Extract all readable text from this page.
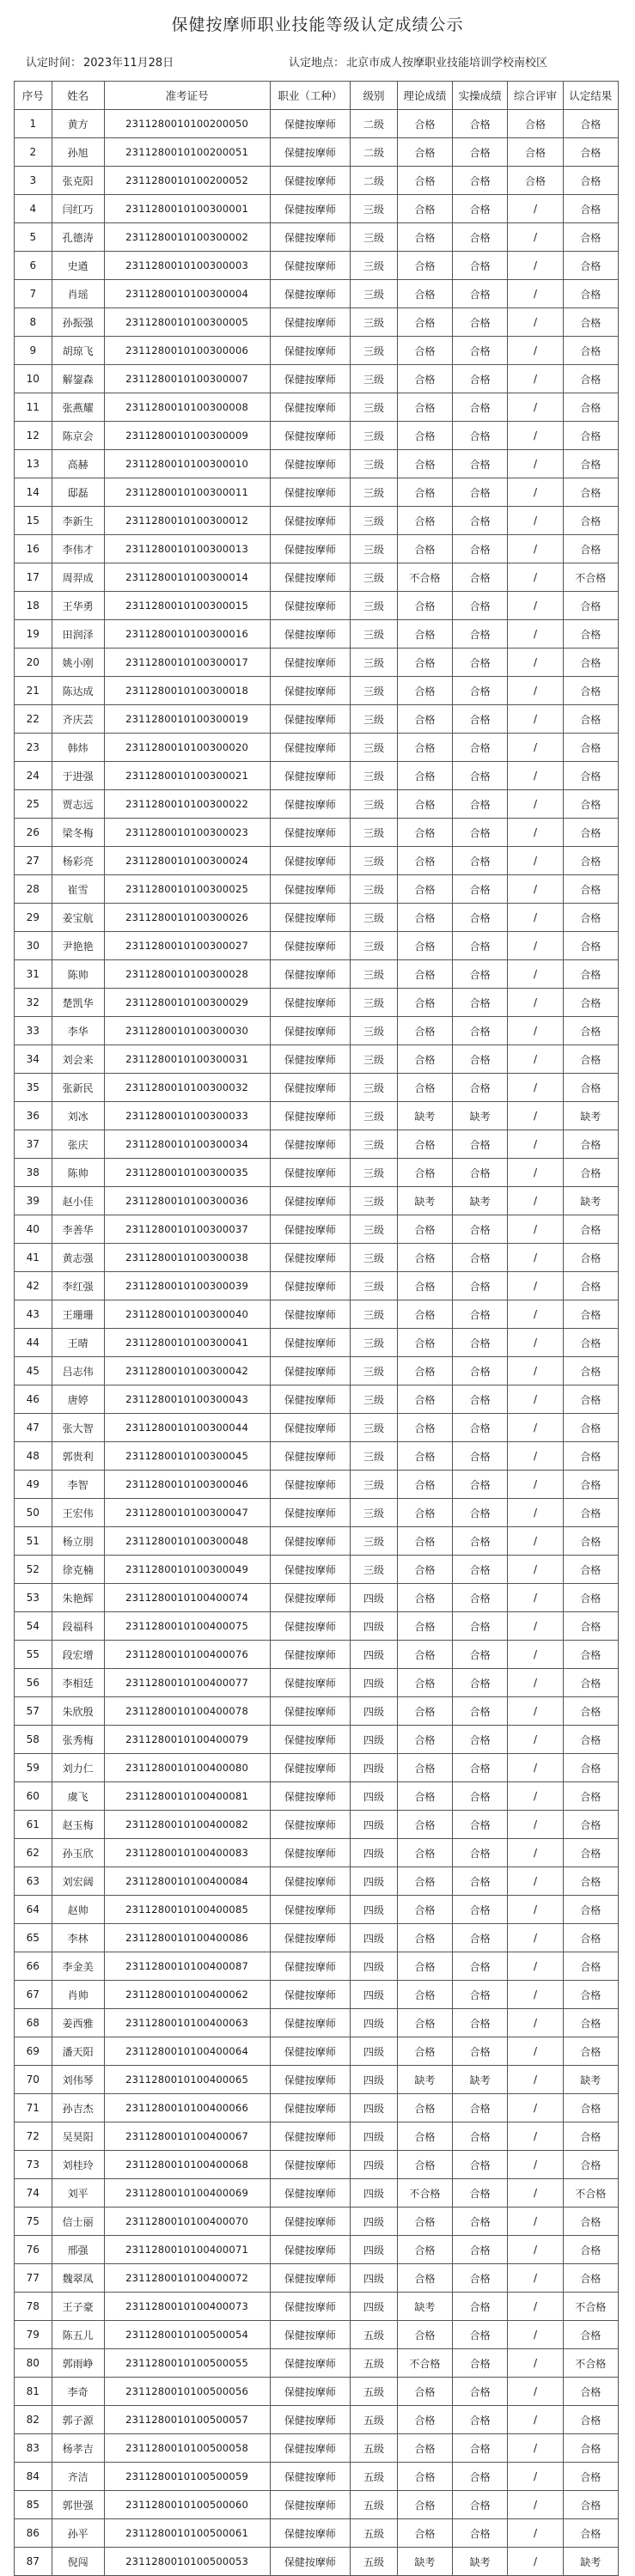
保健按摩师职业技能等级认定成绩公示
认定时间： 2023年11月28日	认定地点： 北京市成人按摩职业技能培训学校南校区
序号	姓名	准考证号	职业（工种）	级别	理论成绩	实操成绩	综合评审	认定结果
1	黄方	2311280010100200050	保健按摩师	二级	合格	合格	合格	合格
2	孙旭	2311280010100200051	保健按摩师	二级	合格	合格	合格	合格
3	张克阳	2311280010100200052	保健按摩师	二级	合格	合格	合格	合格
4	闫红巧	2311280010100300001	保健按摩师	三级	合格	合格	/	合格
5	孔德涛	2311280010100300002	保健按摩师	三级	合格	合格	/	合格
6	史遒	2311280010100300003	保健按摩师	三级	合格	合格	/	合格
7	肖瑶	2311280010100300004	保健按摩师	三级	合格	合格	/	合格
8	孙振强	2311280010100300005	保健按摩师	三级	合格	合格	/	合格
9	胡琼飞	2311280010100300006	保健按摩师	三级	合格	合格	/	合格
10	解鋆森	2311280010100300007	保健按摩师	三级	合格	合格	/	合格
11	张燕耀	2311280010100300008	保健按摩师	三级	合格	合格	/	合格
12	陈京会	2311280010100300009	保健按摩师	三级	合格	合格	/	合格
13	高赫	2311280010100300010	保健按摩师	三级	合格	合格	/	合格
14	邸磊	2311280010100300011	保健按摩师	三级	合格	合格	/	合格
15	李新生	2311280010100300012	保健按摩师	三级	合格	合格	/	合格
16	李伟才	2311280010100300013	保健按摩师	三级	合格	合格	/	合格
17	周羿成	2311280010100300014	保健按摩师	三级	不合格	合格	/	不合格
18	王华勇	2311280010100300015	保健按摩师	三级	合格	合格	/	合格
19	田润泽	2311280010100300016	保健按摩师	三级	合格	合格	/	合格
20	姚小刚	2311280010100300017	保健按摩师	三级	合格	合格	/	合格
21	陈达成	2311280010100300018	保健按摩师	三级	合格	合格	/	合格
22	齐庆芸	2311280010100300019	保健按摩师	三级	合格	合格	/	合格
23	韩炜	2311280010100300020	保健按摩师	三级	合格	合格	/	合格
24	于进强	2311280010100300021	保健按摩师	三级	合格	合格	/	合格
25	贾志远	2311280010100300022	保健按摩师	三级	合格	合格	/	合格
26	梁冬梅	2311280010100300023	保健按摩师	三级	合格	合格	/	合格
27	杨彩亮	2311280010100300024	保健按摩师	三级	合格	合格	/	合格
28	崔雪	2311280010100300025	保健按摩师	三级	合格	合格	/	合格
29	姜宝航	2311280010100300026	保健按摩师	三级	合格	合格	/	合格
30	尹艳艳	2311280010100300027	保健按摩师	三级	合格	合格	/	合格
31	陈帅	2311280010100300028	保健按摩师	三级	合格	合格	/	合格
32	楚凯华	2311280010100300029	保健按摩师	三级	合格	合格	/	合格
33	李华	2311280010100300030	保健按摩师	三级	合格	合格	/	合格
34	刘会来	2311280010100300031	保健按摩师	三级	合格	合格	/	合格
35	张新民	2311280010100300032	保健按摩师	三级	合格	合格	/	合格
36	刘冰	2311280010100300033	保健按摩师	三级	缺考	缺考	/	缺考
37	张庆	2311280010100300034	保健按摩师	三级	合格	合格	/	合格
38	陈帅	2311280010100300035	保健按摩师	三级	合格	合格	/	合格
39	赵小佳	2311280010100300036	保健按摩师	三级	缺考	缺考	/	缺考
40	李善华	2311280010100300037	保健按摩师	三级	合格	合格	/	合格
41	黄志强	2311280010100300038	保健按摩师	三级	合格	合格	/	合格
42	李红强	2311280010100300039	保健按摩师	三级	合格	合格	/	合格
43	王珊珊	2311280010100300040	保健按摩师	三级	合格	合格	/	合格
44	王晴	2311280010100300041	保健按摩师	三级	合格	合格	/	合格
45	吕志伟	2311280010100300042	保健按摩师	三级	合格	合格	/	合格
46	唐婷	2311280010100300043	保健按摩师	三级	合格	合格	/	合格
47	张大智	2311280010100300044	保健按摩师	三级	合格	合格	/	合格
48	郭贵利	2311280010100300045	保健按摩师	三级	合格	合格	/	合格
49	李智	2311280010100300046	保健按摩师	三级	合格	合格	/	合格
50	王宏伟	2311280010100300047	保健按摩师	三级	合格	合格	/	合格
51	杨立朋	2311280010100300048	保健按摩师	三级	合格	合格	/	合格
52	徐克楠	2311280010100300049	保健按摩师	三级	合格	合格	/	合格
53	朱艳辉	2311280010100400074	保健按摩师	四级	合格	合格	/	合格
54	段福科	2311280010100400075	保健按摩师	四级	合格	合格	/	合格
55	段宏增	2311280010100400076	保健按摩师	四级	合格	合格	/	合格
56	李相廷	2311280010100400077	保健按摩师	四级	合格	合格	/	合格
57	朱欣殷	2311280010100400078	保健按摩师	四级	合格	合格	/	合格
58	张秀梅	2311280010100400079	保健按摩师	四级	合格	合格	/	合格
59	刘力仁	2311280010100400080	保健按摩师	四级	合格	合格	/	合格
60	虞飞	2311280010100400081	保健按摩师	四级	合格	合格	/	合格
61	赵玉梅	2311280010100400082	保健按摩师	四级	合格	合格	/	合格
62	孙玉欣	2311280010100400083	保健按摩师	四级	合格	合格	/	合格
63	刘宏阔	2311280010100400084	保健按摩师	四级	合格	合格	/	合格
64	赵帅	2311280010100400085	保健按摩师	四级	合格	合格	/	合格
65	李林	2311280010100400086	保健按摩师	四级	合格	合格	/	合格
66	李金美	2311280010100400087	保健按摩师	四级	合格	合格	/	合格
67	肖帅	2311280010100400062	保健按摩师	四级	合格	合格	/	合格
68	姜西雅	2311280010100400063	保健按摩师	四级	合格	合格	/	合格
69	潘天阳	2311280010100400064	保健按摩师	四级	合格	合格	/	合格
70	刘伟琴	2311280010100400065	保健按摩师	四级	缺考	缺考	/	缺考
71	孙吉杰	2311280010100400066	保健按摩师	四级	合格	合格	/	合格
72	吴昊阳	2311280010100400067	保健按摩师	四级	合格	合格	/	合格
73	刘桂玲	2311280010100400068	保健按摩师	四级	合格	合格	/	合格
74	刘平	2311280010100400069	保健按摩师	四级	不合格	合格	/	不合格
75	信士丽	2311280010100400070	保健按摩师	四级	合格	合格	/	合格
76	邢强	2311280010100400071	保健按摩师	四级	合格	合格	/	合格
77	魏翠凤	2311280010100400072	保健按摩师	四级	合格	合格	/	合格
78	王子豪	2311280010100400073	保健按摩师	四级	缺考	合格	/	不合格
79	陈五儿	2311280010100500054	保健按摩师	五级	合格	合格	/	合格
80	郭雨峥	2311280010100500055	保健按摩师	五级	不合格	合格	/	不合格
81	李奇	2311280010100500056	保健按摩师	五级	合格	合格	/	合格
82	郭子源	2311280010100500057	保健按摩师	五级	合格	合格	/	合格
83	杨孝吉	2311280010100500058	保健按摩师	五级	合格	合格	/	合格
84	齐洁	2311280010100500059	保健按摩师	五级	合格	合格	/	合格
85	郭世强	2311280010100500060	保健按摩师	五级	合格	合格	/	合格
86	孙平	2311280010100500061	保健按摩师	五级	合格	合格	/	合格
87	倪闯	2311280010100500053	保健按摩师	五级	缺考	缺考	/	缺考
